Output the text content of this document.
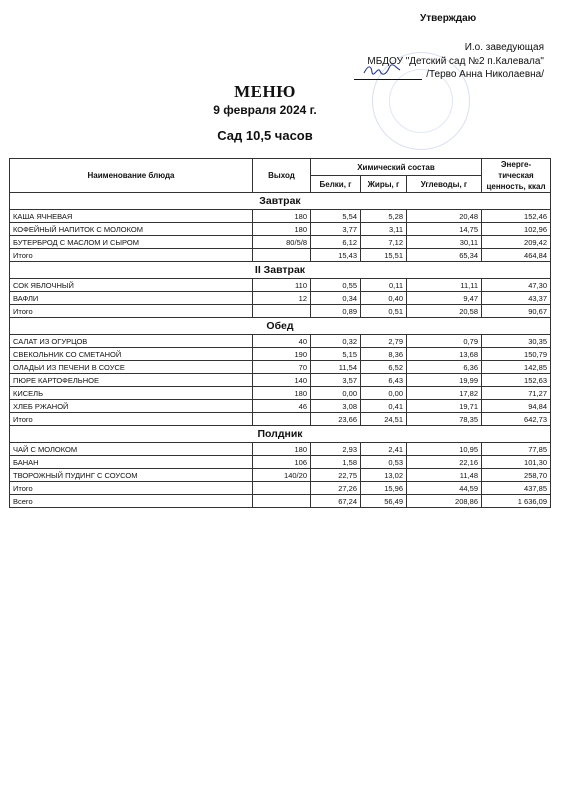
Утверждаю
И.о. заведующая
МБДОУ "Детский сад №2 п.Калевала"
/Терво Анна Николаевна/
МЕНЮ
9 февраля 2024 г.
Сад 10,5 часов
Наименование блюда	Выход	Химический состав			Энерге-тическая ценность, ккал
		Белки, г	Жиры, г	Углеводы, г	
Завтрак					
КАША ЯЧНЕВАЯ	180	5,54	5,28	20,48	152,46
КОФЕЙНЫЙ НАПИТОК С МОЛОКОМ	180	3,77	3,11	14,75	102,96
БУТЕРБРОД С МАСЛОМ И СЫРОМ	80/5/8	6,12	7,12	30,11	209,42
Итого		15,43	15,51	65,34	464,84
II Завтрак					
СОК ЯБЛОЧНЫЙ	110	0,55	0,11	11,11	47,30
ВАФЛИ	12	0,34	0,40	9,47	43,37
Итого		0,89	0,51	20,58	90,67
Обед					
САЛАТ ИЗ ОГУРЦОВ	40	0,32	2,79	0,79	30,35
СВЕКОЛЬНИК СО СМЕТАНОЙ	190	5,15	8,36	13,68	150,79
ОЛАДЬИ ИЗ ПЕЧЕНИ В СОУСЕ	70	11,54	6,52	6,36	142,85
ПЮРЕ КАРТОФЕЛЬНОЕ	140	3,57	6,43	19,99	152,63
КИСЕЛЬ	180	0,00	0,00	17,82	71,27
ХЛЕБ РЖАНОЙ	46	3,08	0,41	19,71	94,84
Итого		23,66	24,51	78,35	642,73
Полдник					
ЧАЙ С МОЛОКОМ	180	2,93	2,41	10,95	77,85
БАНАН	106	1,58	0,53	22,16	101,30
ТВОРОЖНЫЙ ПУДИНГ С СОУСОМ	140/20	22,75	13,02	11,48	258,70
Итого		27,26	15,96	44,59	437,85
Всего		67,24	56,49	208,86	1 636,09
